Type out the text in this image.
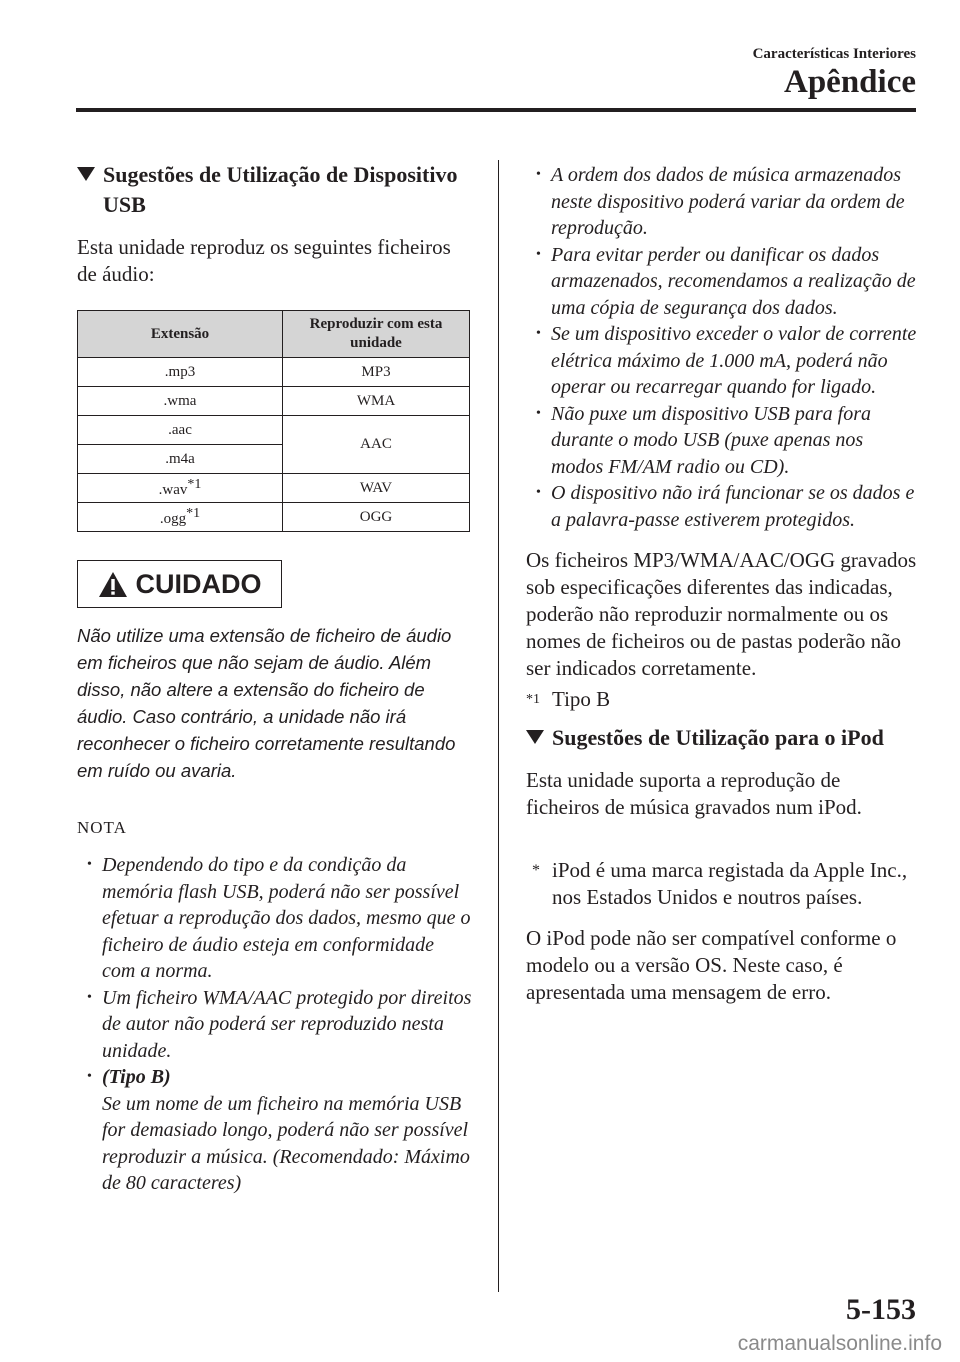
Características Interiores
Apêndice
Sugestões de Utilização de Dispositivo USB

Esta unidade reproduz os seguintes ficheiros de áudio:

Extensão	Reproduzir com esta unidade
.mp3	MP3
.wma	WMA
.aac	AAC
.m4a	
.wav*1	WAV
.ogg*1	OGG
CUIDADO
Não utilize uma extensão de ficheiro de áudio em ficheiros que não sejam de áudio. Além disso, não altere a extensão do ficheiro de áudio. Caso contrário, a unidade não irá reconhecer o ficheiro corretamente resultando em ruído ou avaria.
NOTA
• Dependendo do tipo e da condição da memória flash USB, poderá não ser possível efetuar a reprodução dos dados, mesmo que o ficheiro de áudio esteja em conformidade com a norma.
• Um ficheiro WMA/AAC protegido por direitos de autor não poderá ser reproduzido nesta unidade.
• (Tipo B)
Se um nome de um ficheiro na memória USB for demasiado longo, poderá não ser possível reproduzir a música. (Recomendado: Máximo de 80 caracteres)
• A ordem dos dados de música armazenados neste dispositivo poderá variar da ordem de reprodução.
• Para evitar perder ou danificar os dados armazenados, recomendamos a realização de uma cópia de segurança dos dados.
• Se um dispositivo exceder o valor de corrente elétrica máximo de 1.000 mA, poderá não operar ou recarregar quando for ligado.
• Não puxe um dispositivo USB para fora durante o modo USB (puxe apenas nos modos FM/AM radio ou CD).
• O dispositivo não irá funcionar se os dados e a palavra-passe estiverem protegidos.

Os ficheiros MP3/WMA/AAC/OGG gravados sob especificações diferentes das indicadas, poderão não reproduzir normalmente ou os nomes de ficheiros ou de pastas poderão não ser indicados corretamente.

*1 Tipo B
Sugestões de Utilização para o iPod

Esta unidade suporta a reprodução de ficheiros de música gravados num iPod.

* iPod é uma marca registada da Apple Inc., nos Estados Unidos e noutros países.

O iPod pode não ser compatível conforme o modelo ou a versão OS. Neste caso, é apresentada uma mensagem de erro.

5-153
carmanualsonline.info
